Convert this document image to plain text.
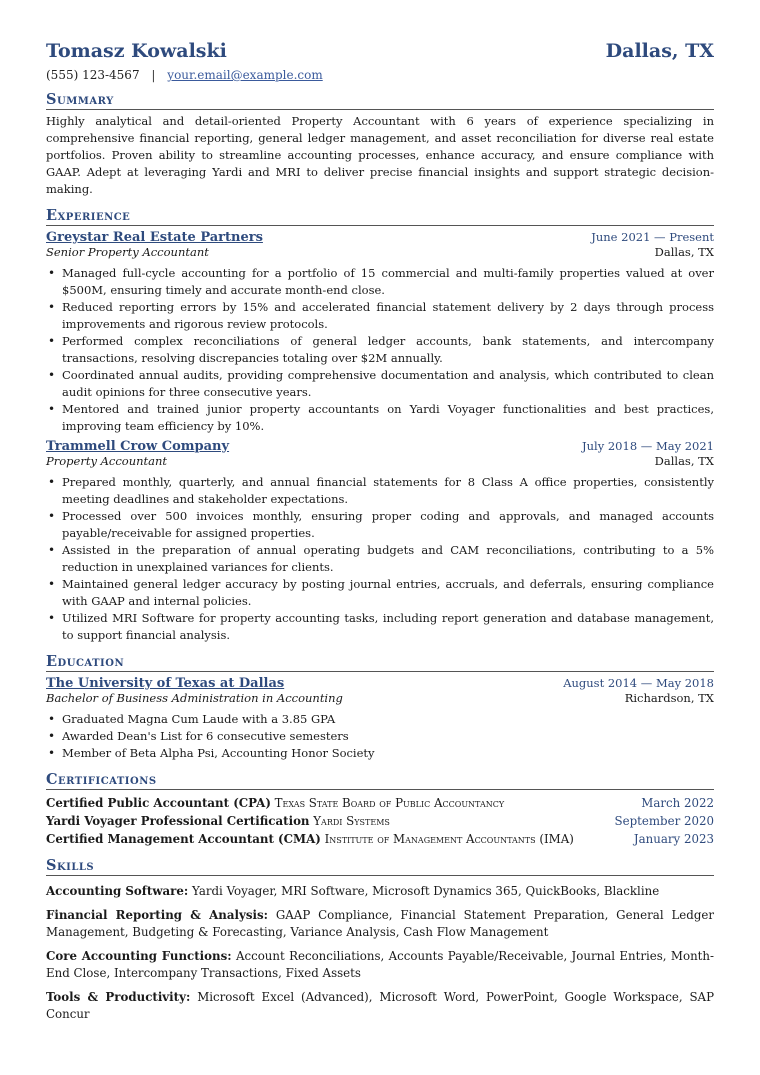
Tomasz Kowalski	Dallas, TX
(555) 123-4567 | your.email@example.com
Summary
Highly analytical and detail-oriented Property Accountant with 6 years of experience specializing in comprehensive financial reporting, general ledger management, and asset reconciliation for diverse real estate portfolios. Proven ability to streamline accounting processes, enhance accuracy, and ensure compliance with GAAP. Adept at leveraging Yardi and MRI to deliver precise financial insights and support strategic decision-making.
Experience
Greystar Real Estate Partners	June 2021 — Present
Senior Property Accountant	Dallas, TX
• Managed full-cycle accounting for a portfolio of 15 commercial and multi-family properties valued at over $500M, ensuring timely and accurate month-end close.
• Reduced reporting errors by 15% and accelerated financial statement delivery by 2 days through process improvements and rigorous review protocols.
• Performed complex reconciliations of general ledger accounts, bank statements, and intercompany transactions, resolving discrepancies totaling over $2M annually.
• Coordinated annual audits, providing comprehensive documentation and analysis, which contributed to clean audit opinions for three consecutive years.
• Mentored and trained junior property accountants on Yardi Voyager functionalities and best practices, improving team efficiency by 10%.
Trammell Crow Company	July 2018 — May 2021
Property Accountant	Dallas, TX
• Prepared monthly, quarterly, and annual financial statements for 8 Class A office properties, consistently meeting deadlines and stakeholder expectations.
• Processed over 500 invoices monthly, ensuring proper coding and approvals, and managed accounts payable/receivable for assigned properties.
• Assisted in the preparation of annual operating budgets and CAM reconciliations, contributing to a 5% reduction in unexplained variances for clients.
• Maintained general ledger accuracy by posting journal entries, accruals, and deferrals, ensuring compliance with GAAP and internal policies.
• Utilized MRI Software for property accounting tasks, including report generation and database management, to support financial analysis.
Education
The University of Texas at Dallas	August 2014 — May 2018
Bachelor of Business Administration in Accounting	Richardson, TX
• Graduated Magna Cum Laude with a 3.85 GPA
• Awarded Dean's List for 6 consecutive semesters
• Member of Beta Alpha Psi, Accounting Honor Society
Certifications
Certified Public Accountant (CPA) Texas State Board of Public Accountancy	March 2022
Yardi Voyager Professional Certification Yardi Systems	September 2020
Certified Management Accountant (CMA) Institute of Management Accountants (IMA)	January 2023
Skills
Accounting Software: Yardi Voyager, MRI Software, Microsoft Dynamics 365, QuickBooks, Blackline
Financial Reporting & Analysis: GAAP Compliance, Financial Statement Preparation, General Ledger Management, Budgeting & Forecasting, Variance Analysis, Cash Flow Management
Core Accounting Functions: Account Reconciliations, Accounts Payable/Receivable, Journal Entries, Month-End Close, Intercompany Transactions, Fixed Assets
Tools & Productivity: Microsoft Excel (Advanced), Microsoft Word, PowerPoint, Google Workspace, SAP Concur
